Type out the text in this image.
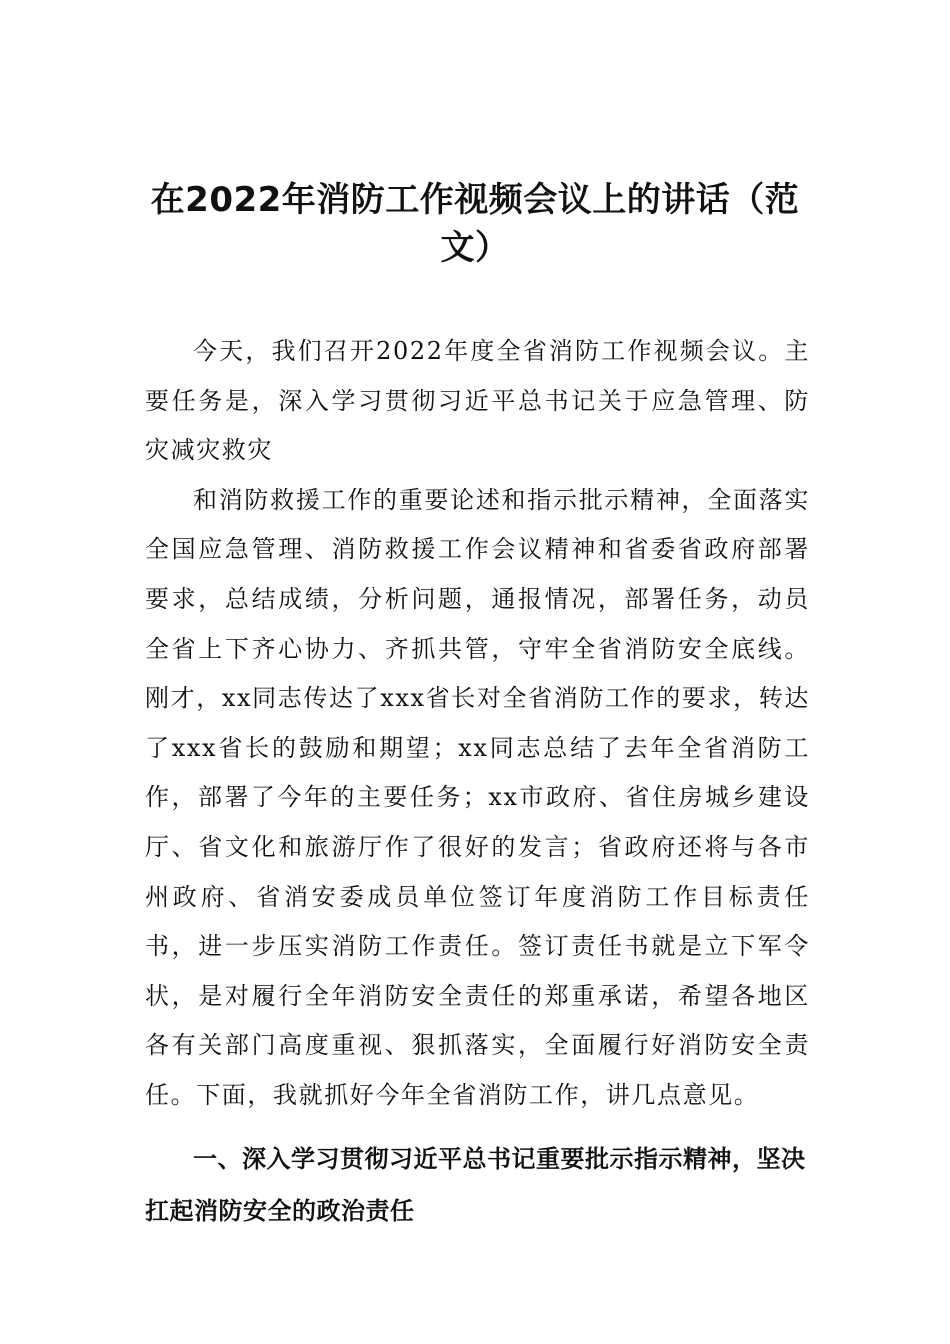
在2022年消防工作视频会议上的讲话（范文）

今天，我们召开2022年度全省消防工作视频会议。主要任务是，深入学习贯彻习近平总书记关于应急管理、防灾减灾救灾

和消防救援工作的重要论述和指示批示精神，全面落实全国应急管理、消防救援工作会议精神和省委省政府部署要求，总结成绩，分析问题，通报情况，部署任务，动员全省上下齐心协力、齐抓共管，守牢全省消防安全底线。刚才，xx同志传达了xxx省长对全省消防工作的要求，转达了xxx省长的鼓励和期望；xx同志总结了去年全省消防工作，部署了今年的主要任务；xx市政府、省住房城乡建设厅、省文化和旅游厅作了很好的发言；省政府还将与各市州政府、省消安委成员单位签订年度消防工作目标责任书，进一步压实消防工作责任。签订责任书就是立下军令状，是对履行全年消防安全责任的郑重承诺，希望各地区各有关部门高度重视、狠抓落实，全面履行好消防安全责任。下面，我就抓好今年全省消防工作，讲几点意见。

一、深入学习贯彻习近平总书记重要批示指示精神，坚决扛起消防安全的政治责任
